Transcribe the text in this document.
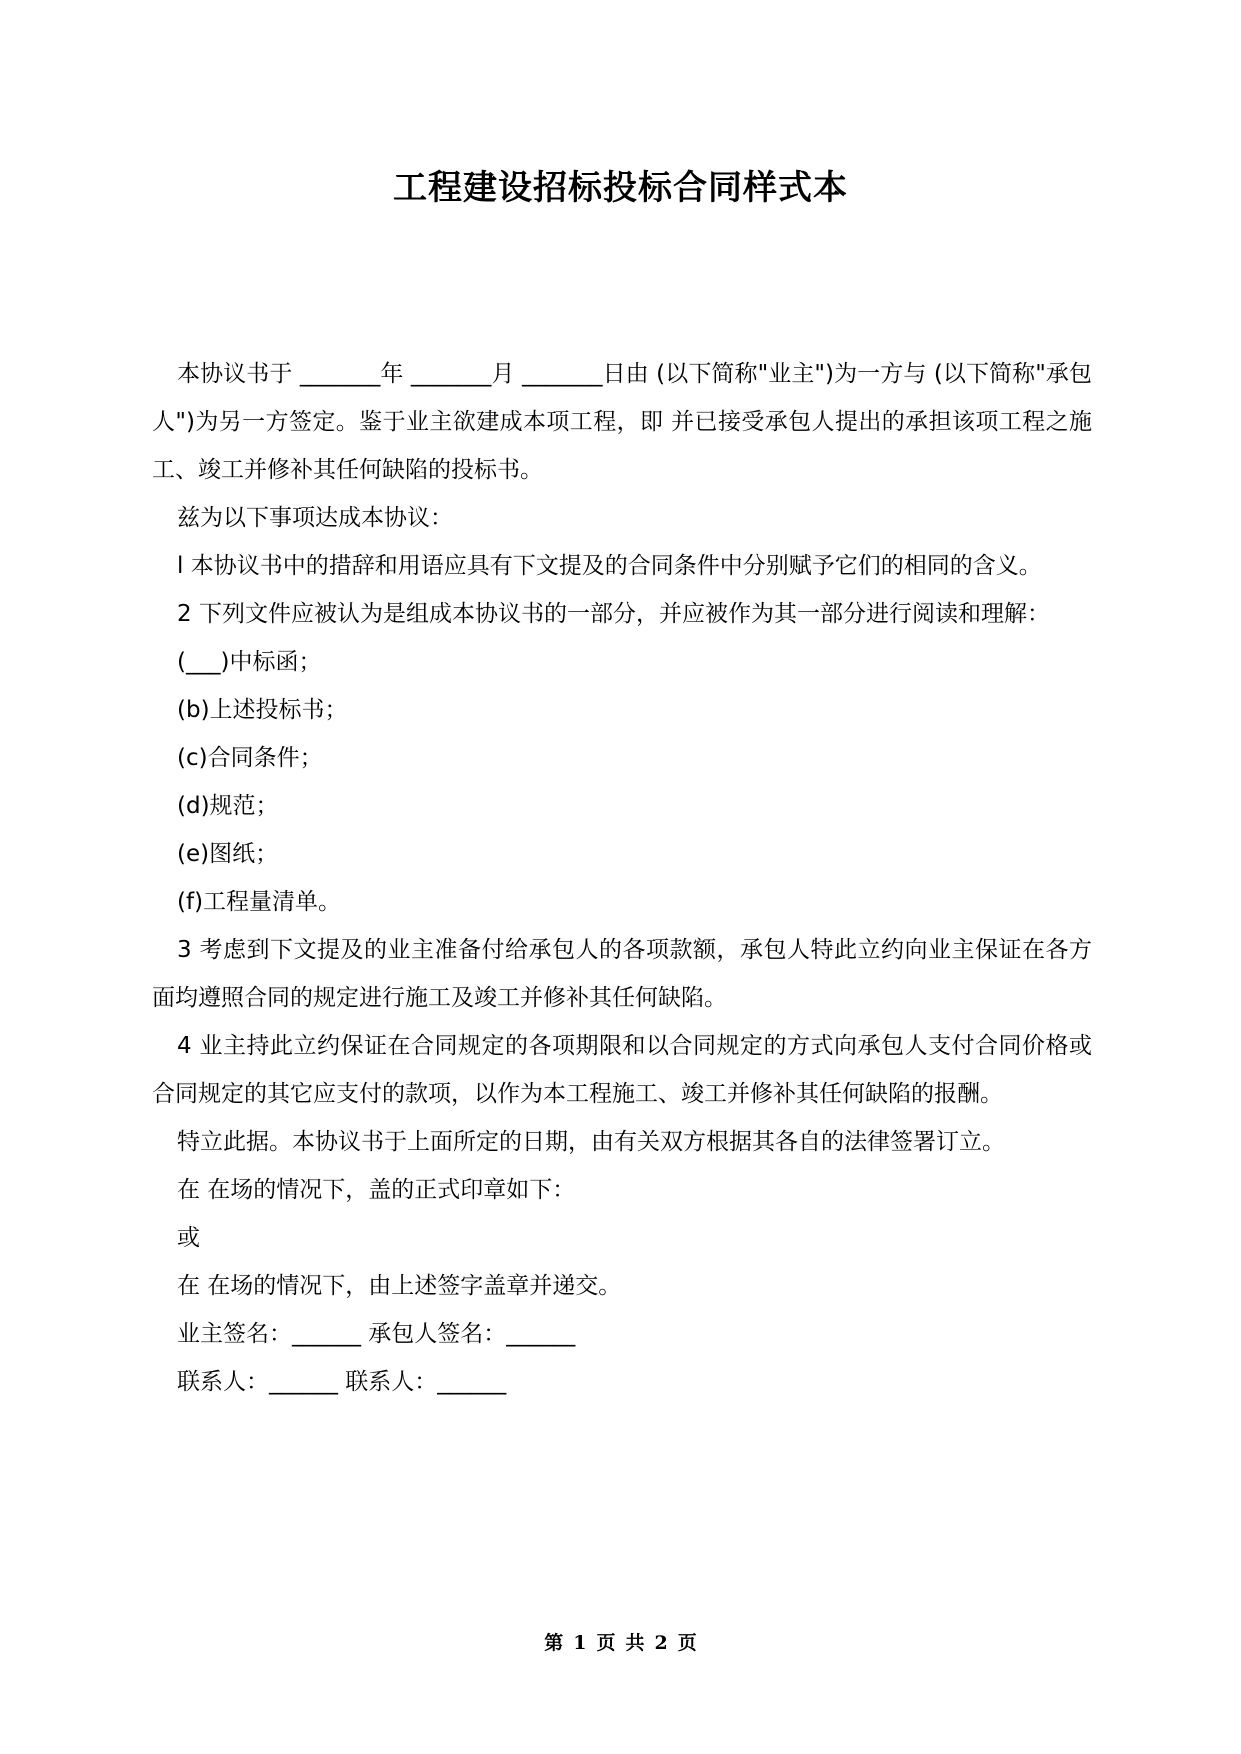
工程建设招标投标合同样式本

本协议书于 _______年 _______月 _______日由 (以下简称"业主")为一方与 (以下简称"承包人")为另一方签定。鉴于业主欲建成本项工程，即 并已接受承包人提出的承担该项工程之施工、竣工并修补其任何缺陷的投标书。

兹为以下事项达成本协议：

l 本协议书中的措辞和用语应具有下文提及的合同条件中分别赋予它们的相同的含义。

2 下列文件应被认为是组成本协议书的一部分，并应被作为其一部分进行阅读和理解：

(___)中标函；

(b)上述投标书；

(c)合同条件；

(d)规范；

(e)图纸；

(f)工程量清单。

3 考虑到下文提及的业主准备付给承包人的各项款额，承包人特此立约向业主保证在各方面均遵照合同的规定进行施工及竣工并修补其任何缺陷。

4 业主持此立约保证在合同规定的各项期限和以合同规定的方式向承包人支付合同价格或合同规定的其它应支付的款项，以作为本工程施工、竣工并修补其任何缺陷的报酬。

特立此据。本协议书于上面所定的日期，由有关双方根据其各自的法律签署订立。

在 在场的情况下，盖的正式印章如下：

或

在 在场的情况下，由上述签字盖章并递交。

业主签名：______ 承包人签名：______

联系人：______ 联系人：______

第 1 页 共 2 页
